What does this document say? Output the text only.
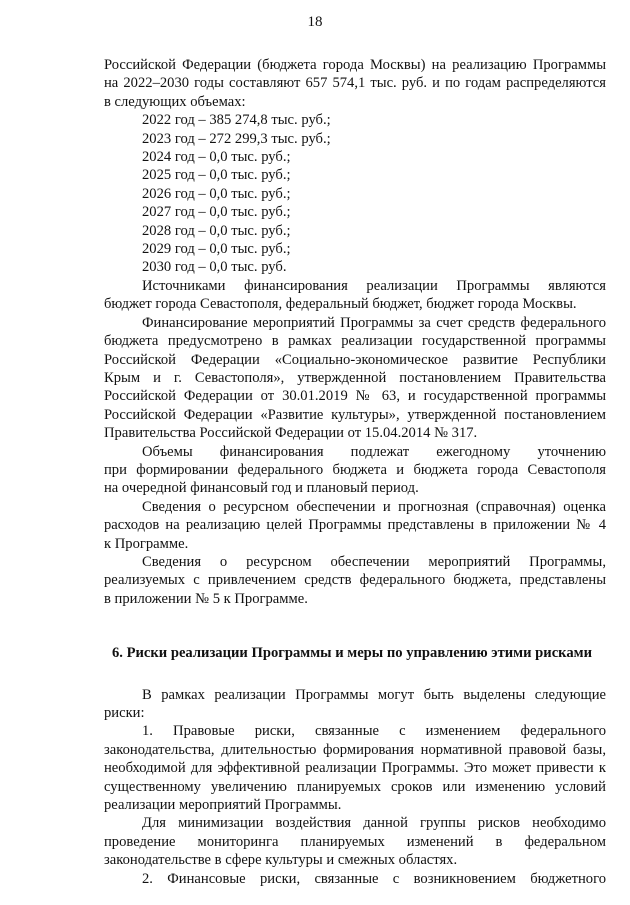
18

Российской Федерации (бюджета города Москвы) на реализацию Программы

на 2022–2030 годы составляют 657 574,1 тыс. руб. и по годам распределяются

в следующих объемах:

2022 год – 385 274,8 тыс. руб.;

2023 год – 272 299,3 тыс. руб.;

2024 год – 0,0 тыс. руб.;

2025 год – 0,0 тыс. руб.;

2026 год – 0,0 тыс. руб.;

2027 год – 0,0 тыс. руб.;

2028 год – 0,0 тыс. руб.;

2029 год – 0,0 тыс. руб.;

2030 год – 0,0 тыс. руб.

Источниками финансирования реализации Программы являются

бюджет города Севастополя, федеральный бюджет, бюджет города Москвы.

Финансирование мероприятий Программы за счет средств федерального

бюджета предусмотрено в рамках реализации государственной программы

Российской Федерации «Социально-экономическое развитие Республики

Крым и г. Севастополя», утвержденной постановлением Правительства

Российской Федерации от 30.01.2019 № 63, и государственной программы

Российской Федерации «Развитие культуры», утвержденной постановлением

Правительства Российской Федерации от 15.04.2014 № 317.

Объемы финансирования подлежат ежегодному уточнению

при формировании федерального бюджета и бюджета города Севастополя

на очередной финансовый год и плановый период.

Сведения о ресурсном обеспечении и прогнозная (справочная) оценка

расходов на реализацию целей Программы представлены в приложении № 4

к Программе.

Сведения о ресурсном обеспечении мероприятий Программы,

реализуемых с привлечением средств федерального бюджета, представлены

в приложении № 5 к Программе.

6. Риски реализации Программы и меры по управлению этими рисками

В рамках реализации Программы могут быть выделены следующие

риски:

1. Правовые риски, связанные с изменением федерального

законодательства, длительностью формирования нормативной правовой базы,

необходимой для эффективной реализации Программы. Это может привести к

существенному увеличению планируемых сроков или изменению условий

реализации мероприятий Программы.

Для минимизации воздействия данной группы рисков необходимо

проведение мониторинга планируемых изменений в федеральном

законодательстве в сфере культуры и смежных областях.

2. Финансовые риски, связанные с возникновением бюджетного
